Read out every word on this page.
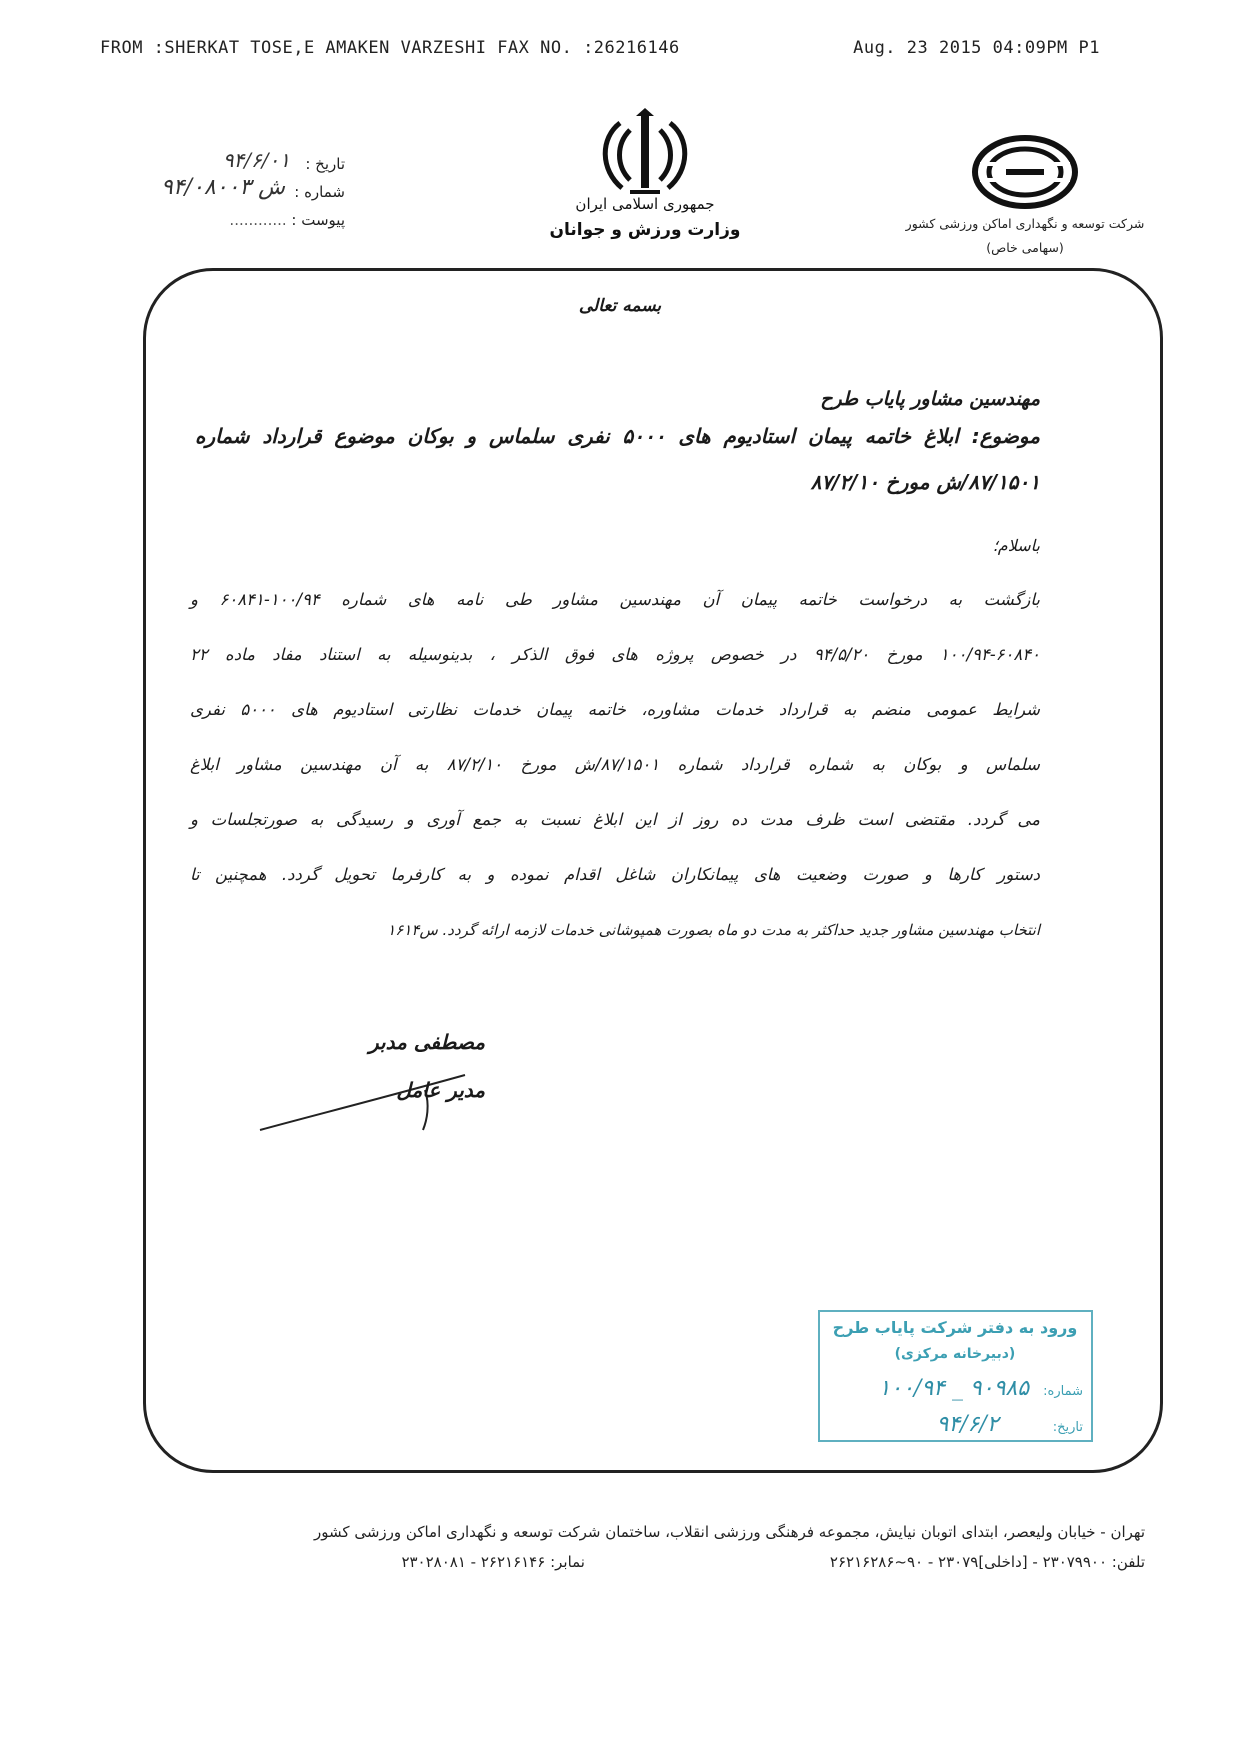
FROM :SHERKAT TOSE,E AMAKEN VARZESHI FAX NO. :26216146	Aug. 23 2015 04:09PM P1
تاریخ :
۹۴/۶/۰۱
شماره :
۹۴/۰۸۰۰۳ ش
پیوست : ............
جمهوری اسلامی ایران
وزارت ورزش و جوانان	شرکت توسعه و نگهداری اماکن ورزشی کشور
(سهامی خاص)
بسمه تعالی
مهندسین مشاور پایاب طرح
موضوع: ابلاغ خاتمه پیمان استادیوم های ۵۰۰۰ نفری سلماس و بوکان موضوع قرارداد شماره
۸۷/۱۵۰۱/ش مورخ ۸۷/۲/۱۰
باسلام؛
بازگشت به درخواست خاتمه پیمان آن مهندسین مشاور طی نامه های شماره ۱۰۰/۹۴-۶۰۸۴۱ و
۱۰۰/۹۴-۶۰۸۴۰ مورخ ۹۴/۵/۲۰ در خصوص پروژه های فوق الذکر ، بدینوسیله به استناد مفاد ماده ۲۲
شرایط عمومی منضم به قرارداد خدمات مشاوره، خاتمه پیمان خدمات نظارتی استادیوم های ۵۰۰۰ نفری
سلماس و بوکان به شماره قرارداد شماره ۸۷/۱۵۰۱/ش مورخ ۸۷/۲/۱۰ به آن مهندسین مشاور ابلاغ
می گردد. مقتضی است ظرف مدت ده روز از این ابلاغ نسبت به جمع آوری و رسیدگی به صورتجلسات و
دستور کارها و صورت وضعیت های پیمانکاران شاغل اقدام نموده و به کارفرما تحویل گردد. همچنین تا
انتخاب مهندسین مشاور جدید حداکثر به مدت دو ماه بصورت همپوشانی خدمات لازمه ارائه گردد. س۱۶۱۴
مصطفی مدبر
مدیر عامل
ورود به دفتر شرکت پایاب طرح
(دبیرخانه مرکزی)
شماره: ۱۰۰/۹۴ _ ۹۰۹۸۵
تاریخ: ۹۴/۶/۲
تهران - خیابان ولیعصر، ابتدای اتوبان نیایش، مجموعه فرهنگی ورزشی انقلاب، ساختمان شرکت توسعه و نگهداری اماکن ورزشی کشور
تلفن: ۲۳۰۷۹۹۰۰ - [داخلی]۲۳۰۷۹ - ۹۰~۲۶۲۱۶۲۸۶
نمابر: ۲۶۲۱۶۱۴۶ - ۲۳۰۲۸۰۸۱
